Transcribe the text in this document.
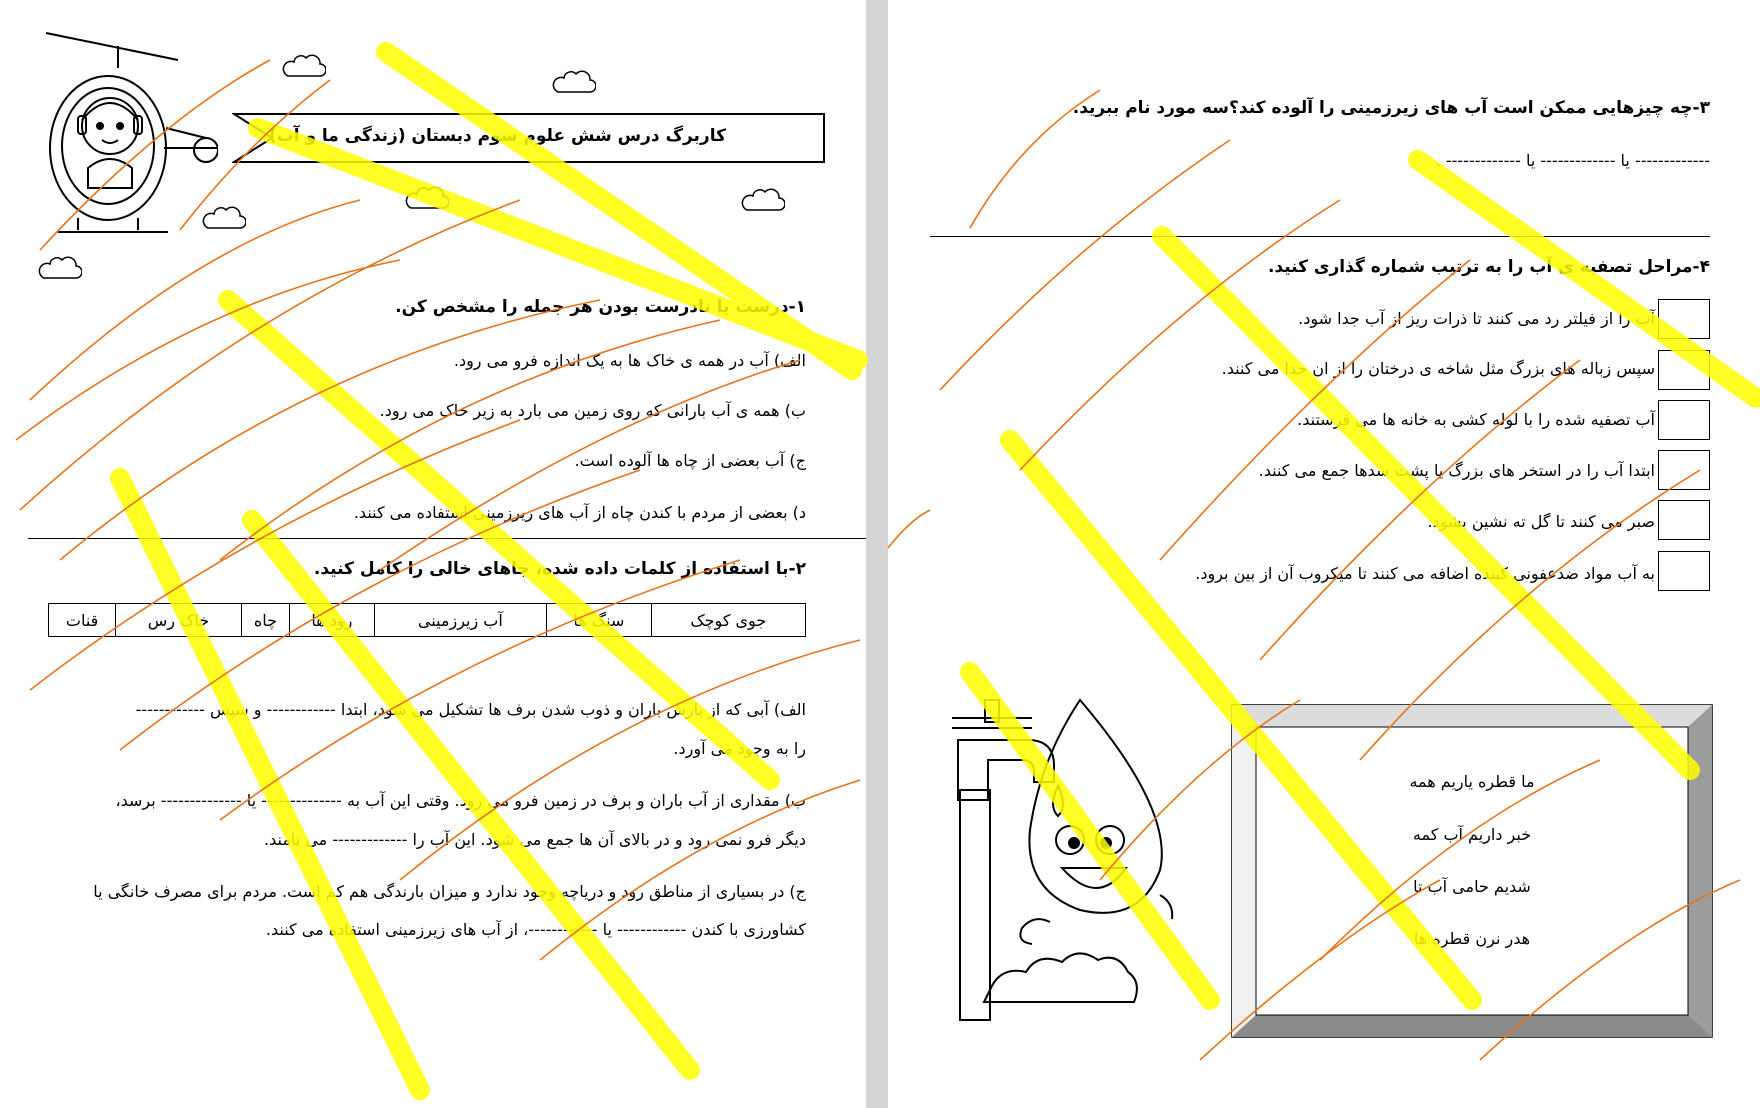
کاربرگ درس شش علوم سوم دبستان (زندگی ما و آب)
۱-درست یا نادرست بودن هر جمله را مشخص کن.
الف) آب در همه ی خاک ها به یک اندازه فرو می رود.
ب) همه ی آب بارانی که روی زمین می بارد به زیر خاک می رود.
ج) آب بعضی از چاه ها آلوده است.
د) بعضی از مردم با کندن چاه از آب های زیرزمینی استفاده می کنند.
۲-با استفاده از کلمات داده شده، جاهای خالی را کامل کنید.
جوی کوچک	سنگ ها	آب زیرزمینی	رود ها	چاه	خاک رس	قنات
الف) آبی که از بارش باران و ذوب شدن برف ها تشکیل می شود، ابتدا ------------ و سپس ------------
را به وجود می آورد.
ب) مقداری از آب باران و برف در زمین فرو می رود. وقتی این آب به -------------- یا -------------- برسد،
دیگر فرو نمی رود و در بالای آن ها جمع می شود. این آب را ------------- می نامند.
ج) در بسیاری از مناطق رود و دریاچه وجود ندارد و میزان بارندگی هم کم است. مردم برای مصرف خانگی یا
کشاورزی با کندن ------------ یا ------------، از آب های زیرزمینی استفاده می کنند.
۳-چه چیزهایی ممکن است آب های زیرزمینی را آلوده کند؟سه مورد نام ببرید.
------------- یا ------------- یا ------------- .
۴-مراحل تصفیه ی آب را به ترتیب شماره گذاری کنید.
آب را از فیلتر رد می کنند تا ذرات ریز از آب جدا شود.
سپس زباله های بزرگ مثل شاخه ی درختان را از ان جدا می کنند.
آب تصفیه شده را با لوله کشی به خانه ها می فرستند.
ابتدا آب را در استخر های بزرگ یا پشت سدها جمع می کنند.
صبر می کنند تا گل ته نشین بشود.
به آب مواد ضدعفونی کننده اضافه می کنند تا میکروب آن از بین برود.
ما قطره یاریم همه
خبر داریم آب کمه
شدیم حامی آب تا
هدر نرن قطره ها
